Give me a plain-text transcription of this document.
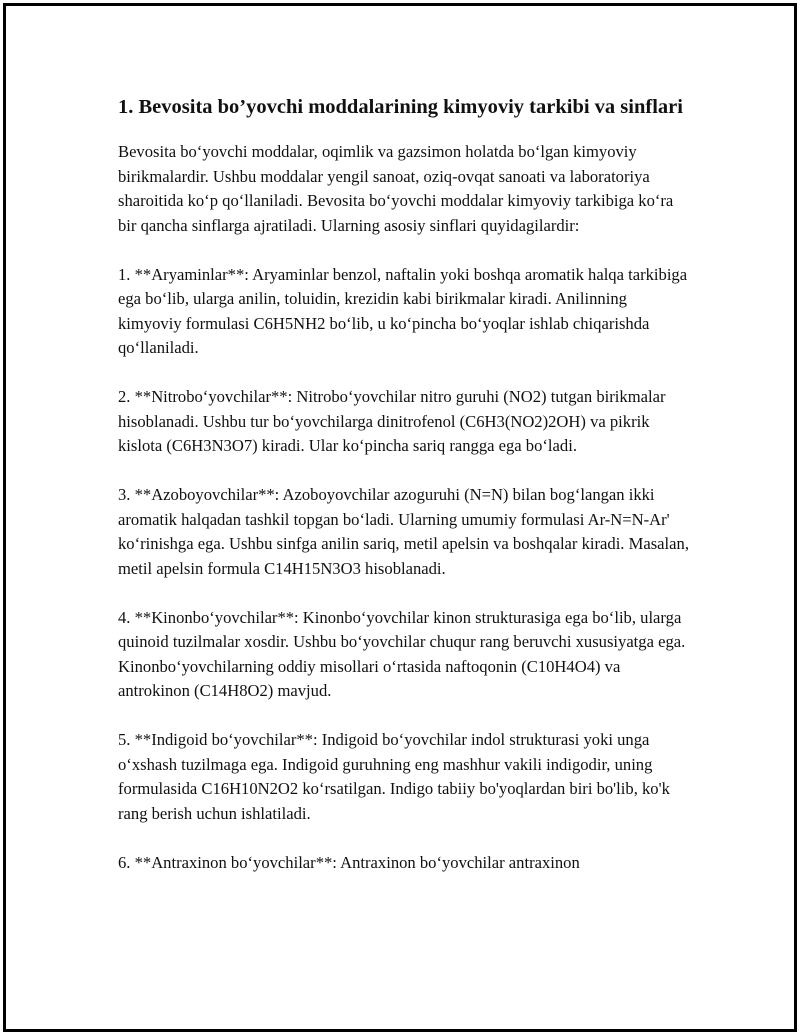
1. Bevosita bo’yovchi moddalarining kimyoviy tarkibi va sinflari

Bevosita bo‘yovchi moddalar, oqimlik va gazsimon holatda bo‘lgan kimyoviy birikmalardir. Ushbu moddalar yengil sanoat, oziq-ovqat sanoati va laboratoriya sharoitida ko‘p qo‘llaniladi. Bevosita bo‘yovchi moddalar kimyoviy tarkibiga ko‘ra bir qancha sinflarga ajratiladi. Ularning asosiy sinflari quyidagilardir:

1. **Aryaminlar**: Aryaminlar benzol, naftalin yoki boshqa aromatik halqa tarkibiga ega bo‘lib, ularga anilin, toluidin, krezidin kabi birikmalar kiradi. Anilinning kimyoviy formulasi C6H5NH2 bo‘lib, u ko‘pincha bo‘yoqlar ishlab chiqarishda qo‘llaniladi.

2. **Nitrobo‘yovchilar**: Nitrobo‘yovchilar nitro guruhi (NO2) tutgan birikmalar hisoblanadi. Ushbu tur bo‘yovchilarga dinitrofenol (C6H3(NO2)2OH) va pikrik kislota (C6H3N3O7) kiradi. Ular ko‘pincha sariq rangga ega bo‘ladi.

3. **Azoboyovchilar**: Azoboyovchilar azoguruhi (N=N) bilan bog‘langan ikki aromatik halqadan tashkil topgan bo‘ladi. Ularning umumiy formulasi Ar-N=N-Ar' ko‘rinishga ega. Ushbu sinfga anilin sariq, metil apelsin va boshqalar kiradi. Masalan, metil apelsin formula C14H15N3O3 hisoblanadi.

4. **Kinonbo‘yovchilar**: Kinonbo‘yovchilar kinon strukturasiga ega bo‘lib, ularga quinoid tuzilmalar xosdir. Ushbu bo‘yovchilar chuqur rang beruvchi xususiyatga ega. Kinonbo‘yovchilarning oddiy misollari o‘rtasida naftoqonin (C10H4O4) va antrokinon (C14H8O2) mavjud.

5. **Indigoid bo‘yovchilar**: Indigoid bo‘yovchilar indol strukturasi yoki unga o‘xshash tuzilmaga ega. Indigoid guruhning eng mashhur vakili indigodir, uning formulasida C16H10N2O2 ko‘rsatilgan. Indigo tabiiy bo'yoqlardan biri bo'lib, ko'k rang berish uchun ishlatiladi.

6. **Antraxinon bo‘yovchilar**: Antraxinon bo‘yovchilar antraxinon
